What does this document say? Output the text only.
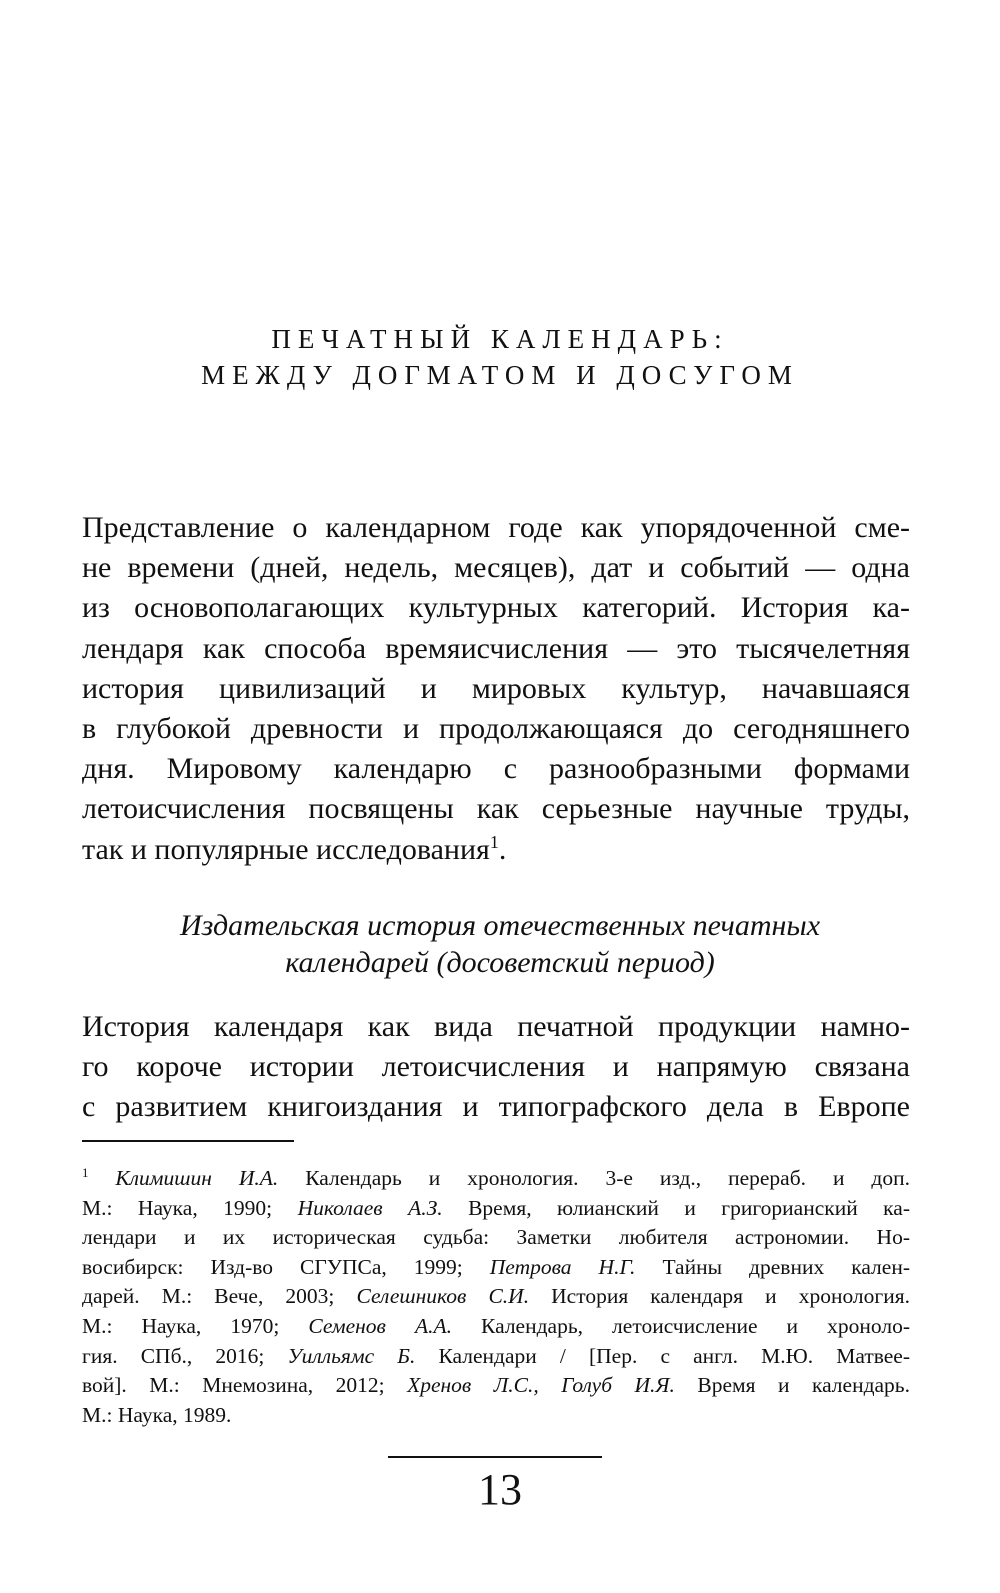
ПЕЧАТНЫЙ КАЛЕНДАРЬ:
МЕЖДУ ДОГМАТОМ И ДОСУГОМ
Представление о календарном годе как упорядоченной сме-
не времени (дней, недель, месяцев), дат и событий — одна
из основополагающих культурных категорий. История ка-
лендаря как способа времяисчисления — это тысячелетняя
история цивилизаций и мировых культур, начавшаяся
в глубокой древности и продолжающаяся до сегодняшнего
дня. Мировому календарю с разнообразными формами
летоисчисления посвящены как серьезные научные труды,
так и популярные исследования$^1$.
Издательская история отечественных печатных
календарей (досоветский период)
История календаря как вида печатной продукции намно-
го короче истории летоисчисления и напрямую связана
с развитием книгоиздания и типографского дела в Европе
$^1$ Климишин И.А. Календарь и хронология. 3-е изд., перераб. и доп.
М.: Наука, 1990; Николаев А.З. Время, юлианский и григорианский ка-
лендари и их историческая судьба: Заметки любителя астрономии. Но-
восибирск: Изд-во СГУПСа, 1999; Петрова Н.Г. Тайны древних кален-
дарей. М.: Вече, 2003; Селешников С.И. История календаря и хронология.
М.: Наука, 1970; Семенов А.А. Календарь, летоисчисление и хроноло-
гия. СПб., 2016; Уилльямс Б. Календари / [Пер. с англ. М.Ю. Матвее-
вой]. М.: Мнемозина, 2012; Хренов Л.С., Голуб И.Я. Время и календарь.
М.: Наука, 1989.
13
